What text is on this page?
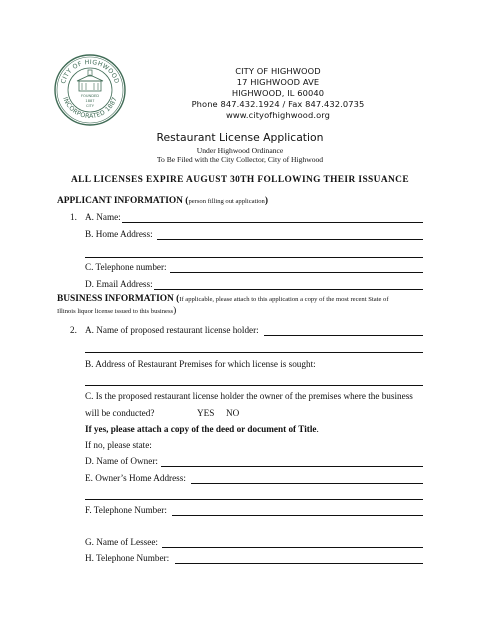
CITY OF HIGHWOOD
INCORPORATED 1887
FOUNDED
1887
CITY
CITY OF HIGHWOOD
17 HIGHWOOD AVE
HIGHWOOD, IL 60040
Phone 847.432.1924 / Fax 847.432.0735
www.cityofhighwood.org
Restaurant License Application
Under Highwood Ordinance
To Be Filed with the City Collector, City of Highwood
ALL LICENSES EXPIRE AUGUST 30TH FOLLOWING THEIR ISSUANCE
APPLICANT INFORMATION (person filling out application)
1. A. Name:
B. Home Address:
C. Telephone number:
D. Email Address:
BUSINESS INFORMATION (If applicable, please attach to this application a copy of the most recent State of
Illinois liquor license issued to this business)
2. A. Name of proposed restaurant license holder:
B. Address of Restaurant Premises for which license is sought:
C. Is the proposed restaurant license holder the owner of the premises where the business
will be conducted?	YES NO
If yes, please attach a copy of the deed or document of Title.
If no, please state:
D. Name of Owner:
E. Owner’s Home Address:
F. Telephone Number:
G. Name of Lessee:
H. Telephone Number:
